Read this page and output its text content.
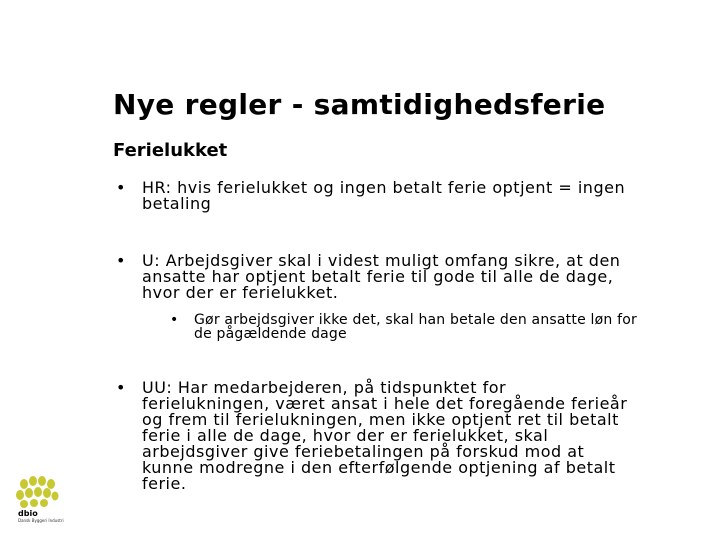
Nye regler - samtidighedsferie
Ferielukket
• HR: hvis ferielukket og ingen betalt ferie optjent = ingen
betaling
• U: Arbejdsgiver skal i videst muligt omfang sikre, at den
ansatte har optjent betalt ferie til gode til alle de dage,
hvor der er ferielukket.
• Gør arbejdsgiver ikke det, skal han betale den ansatte løn for
de pågældende dage
• UU: Har medarbejderen, på tidspunktet for
ferielukningen, været ansat i hele det foregående ferieår
og frem til ferielukningen, men ikke optjent ret til betalt
ferie i alle de dage, hvor der er ferielukket, skal
arbejdsgiver give feriebetalingen på forskud mod at
kunne modregne i den efterfølgende optjening af betalt
ferie.
dbio
Dansk Byggeri Industri
